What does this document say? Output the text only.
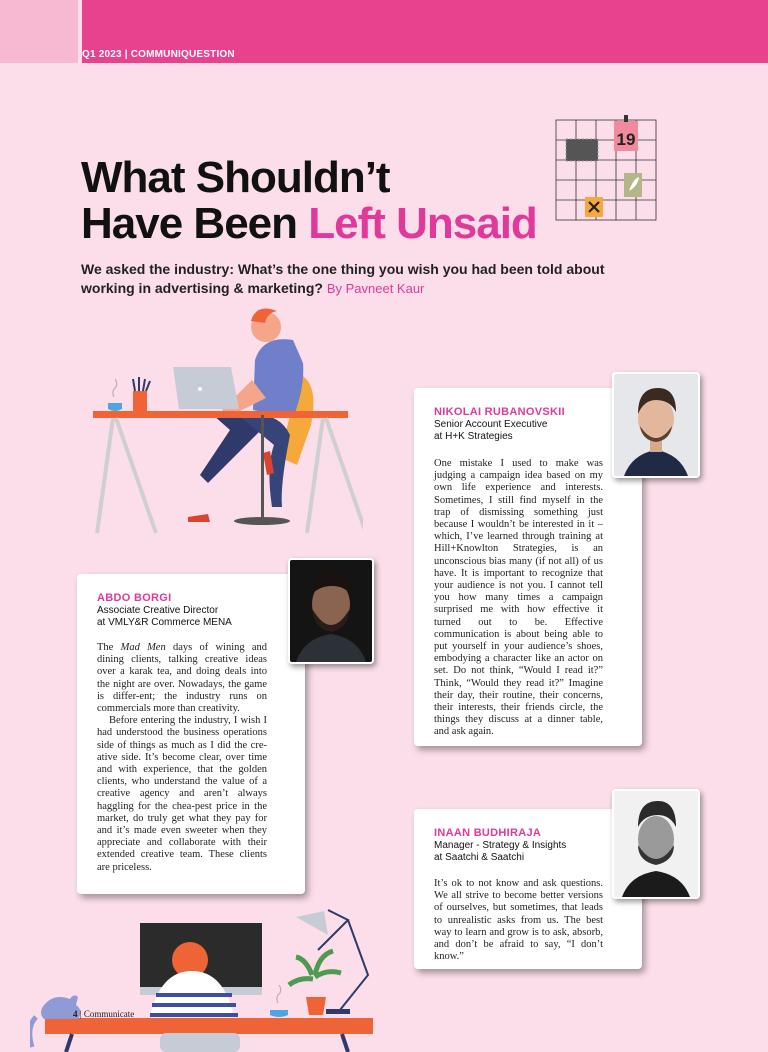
Q1 2023 | COMMUNIQUESTION
19
What Shouldn’t
Have Been Left Unsaid
We asked the industry: What’s the one thing you wish you had been told about working in advertising & marketing? By Pavneet Kaur
NIKOLAI RUBANOVSKII
Senior Account Executive
at H+K Strategies

One mistake I used to make was judging a campaign idea based on my own life experience and interests. Sometimes, I still find myself in the trap of dismissing something just because I wouldn’t be interested in it – which, I’ve learned through training at Hill+Knowlton Strategies, is an unconscious bias many (if not all) of us have. It is important to recognize that your audience is not you. I cannot tell you how many times a campaign surprised me with how effective it turned out to be. Effective communication is about being able to put yourself in your audience’s shoes, embodying a character like an actor on set. Do not think, “Would I read it?” Think, “Would they read it?” Imagine their day, their routine, their concerns, their interests, their friends circle, the things they discuss at a dinner table, and ask again.

ABDO BORGI
Associate Creative Director
at VMLY&R Commerce MENA

The Mad Men days of wining and dining clients, talking creative ideas over a karak tea, and doing deals into the night are over. Nowadays, the game is differ-ent; the industry runs on commercials more than creativity.

Before entering the industry, I wish I had understood the business operations side of things as much as I did the cre-ative side. It’s become clear, over time and with experience, that the golden clients, who understand the value of a creative agency and aren’t always haggling for the chea-pest price in the market, do truly get what they pay for and it’s made even sweeter when they appreciate and collaborate with their extended creative team. These clients are priceless.

INAAN BUDHIRAJA
Manager - Strategy & Insights
at Saatchi & Saatchi

It’s ok to not know and ask questions. We all strive to become better versions of ourselves, but sometimes, that leads to unrealistic asks from us. The best way to learn and grow is to ask, absorb, and don’t be afraid to say, “I don’t know.”

4 | Communicate
